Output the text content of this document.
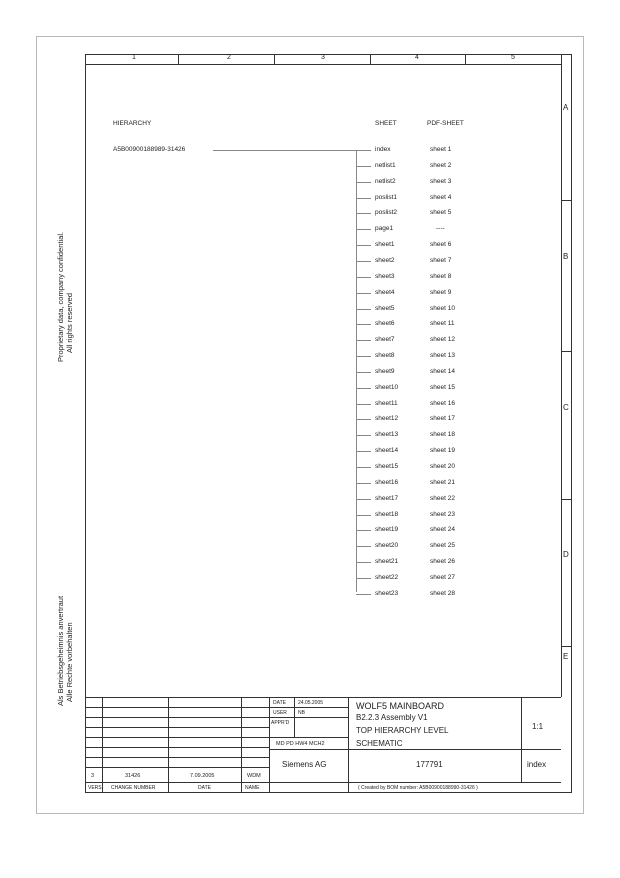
Proprietary data, company confidential. All rights reserved
Als Betriebsgeheimnis anvertraut Alle Rechte vorbehalten
1	2	3	4	5
A
B
C
D
E
HIERARCHY	SHEET	PDF-SHEET
A5B00900188989-31426	index	sheet 1
netlist1	sheet 2
netlist2	sheet 3
poslist1	sheet 4
poslist2	sheet 5
page1	----
sheet1	sheet 6
sheet2	sheet 7
sheet3	sheet 8
sheet4	sheet 9
sheet5	sheet 10
sheet6	sheet 11
sheet7	sheet 12
sheet8	sheet 13
sheet9	sheet 14
sheet10	sheet 15
sheet11	sheet 16
sheet12	sheet 17
sheet13	sheet 18
sheet14	sheet 19
sheet15	sheet 20
sheet16	sheet 21
sheet17	sheet 22
sheet18	sheet 23
sheet19	sheet 24
sheet20	sheet 25
sheet21	sheet 26
sheet22	sheet 27
sheet23	sheet 28
3	31426	7.09.2005	WDM
VERS. CHANGE NUMBER	DATE	NAME
DATE 24.05.2005
USER NB
APPR'D
MD PD HW4 MCH2
Siemens AG
WOLF5 MAINBOARD
B2.2.3 Assembly V1
TOP HIERARCHY LEVEL
SCHEMATIC
1:1
177791	index
( Created by BOM number: A5B00900188990-31426 )
